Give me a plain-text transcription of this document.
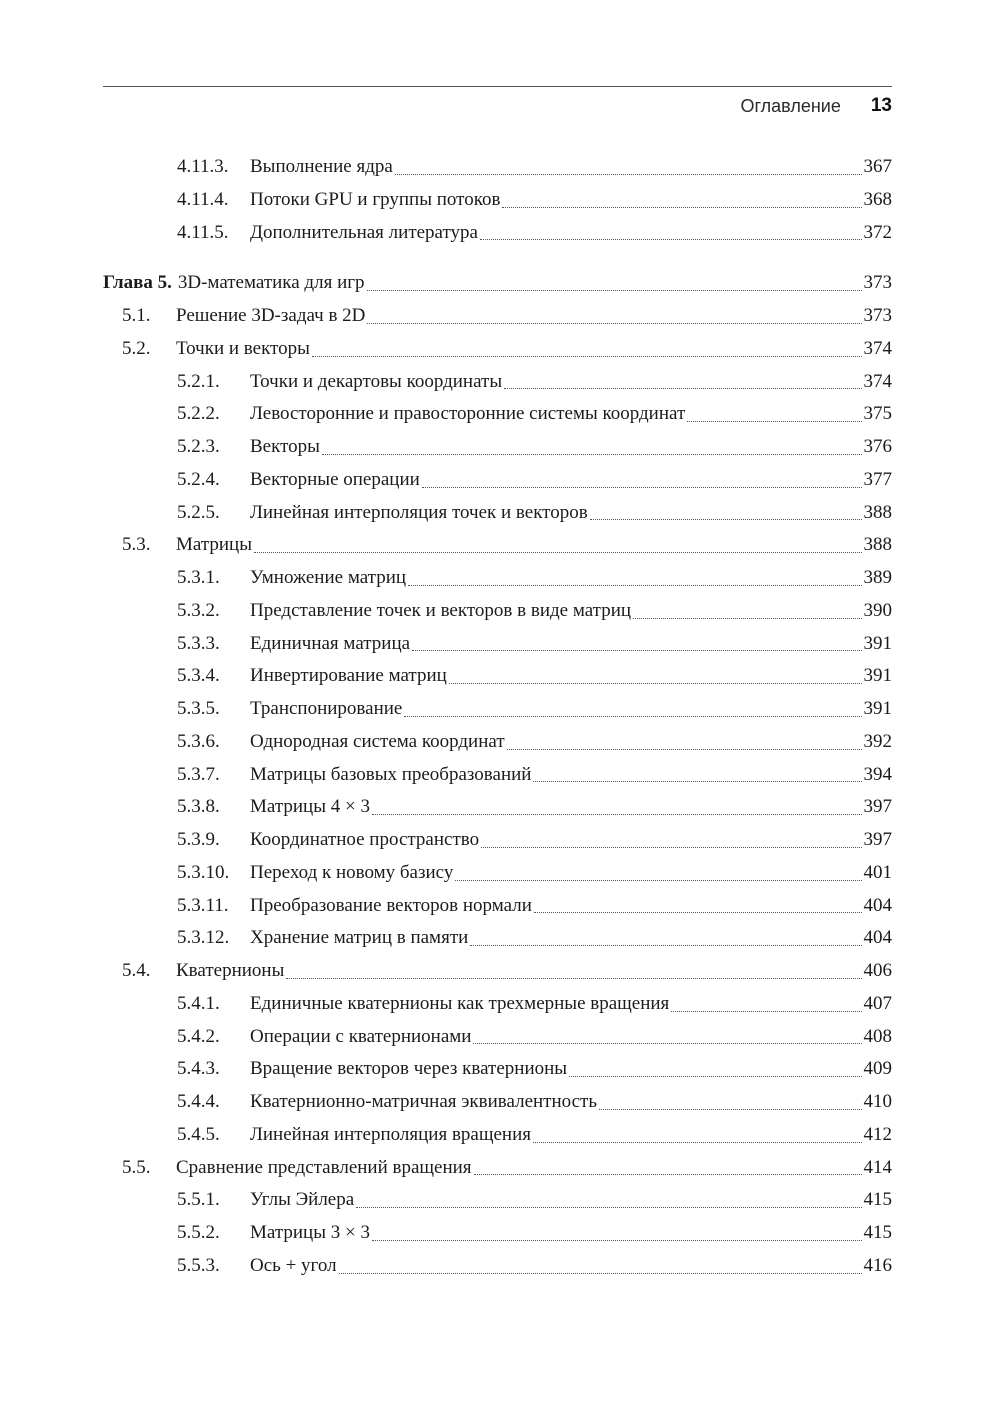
Оглавление 13
4.11.3.	Выполнение ядра	367
4.11.4.	Потоки GPU и группы потоков	368
4.11.5.	Дополнительная литература	372
Глава 5. 3D-математика для игр	373
5.1.	Решение 3D-задач в 2D	373
5.2.	Точки и векторы	374
5.2.1.	Точки и декартовы координаты	374
5.2.2.	Левосторонние и правосторонние системы координат	375
5.2.3.	Векторы	376
5.2.4.	Векторные операции	377
5.2.5.	Линейная интерполяция точек и векторов	388
5.3.	Матрицы	388
5.3.1.	Умножение матриц	389
5.3.2.	Представление точек и векторов в виде матриц	390
5.3.3.	Единичная матрица	391
5.3.4.	Инвертирование матриц	391
5.3.5.	Транспонирование	391
5.3.6.	Однородная система координат	392
5.3.7.	Матрицы базовых преобразований	394
5.3.8.	Матрицы 4 × 3	397
5.3.9.	Координатное пространство	397
5.3.10.	Переход к новому базису	401
5.3.11.	Преобразование векторов нормали	404
5.3.12.	Хранение матриц в памяти	404
5.4.	Кватернионы	406
5.4.1.	Единичные кватернионы как трехмерные вращения	407
5.4.2.	Операции с кватернионами	408
5.4.3.	Вращение векторов через кватернионы	409
5.4.4.	Кватернионно-матричная эквивалентность	410
5.4.5.	Линейная интерполяция вращения	412
5.5.	Сравнение представлений вращения	414
5.5.1.	Углы Эйлера	415
5.5.2.	Матрицы 3 × 3	415
5.5.3.	Ось + угол	416
